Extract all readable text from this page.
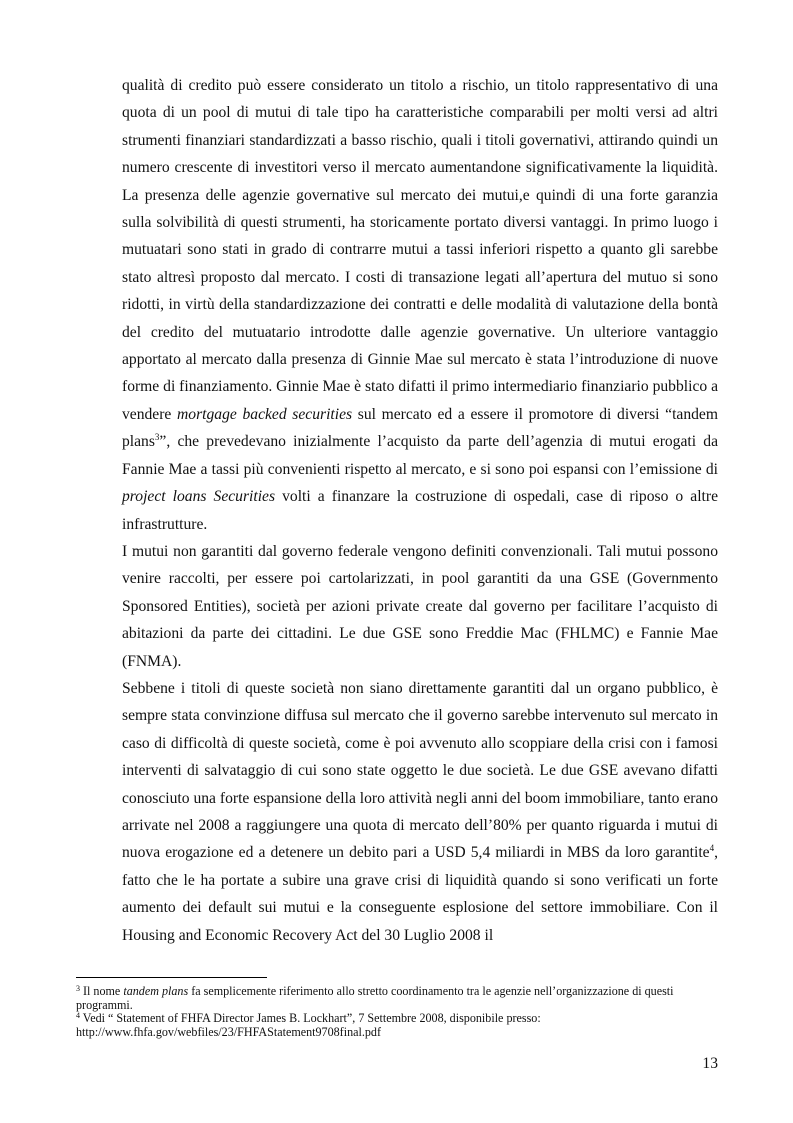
qualità di credito può essere considerato un titolo a rischio, un titolo rappresentativo di una quota di un pool di mutui di tale tipo ha caratteristiche comparabili per molti versi ad altri strumenti finanziari standardizzati a basso rischio, quali i titoli governativi, attirando quindi un numero crescente di investitori verso il mercato aumentandone significativamente la liquidità. La presenza delle agenzie governative sul mercato dei mutui,e quindi di una forte garanzia sulla solvibilità di questi strumenti, ha storicamente portato diversi vantaggi. In primo luogo i mutuatari sono stati in grado di contrarre mutui a tassi inferiori rispetto a quanto gli sarebbe stato altresì proposto dal mercato. I costi di transazione legati all’apertura del mutuo si sono ridotti, in virtù della standardizzazione dei contratti e delle modalità di valutazione della bontà del credito del mutuatario introdotte dalle agenzie governative. Un ulteriore vantaggio apportato al mercato dalla presenza di Ginnie Mae sul mercato è stata l’introduzione di nuove forme di finanziamento. Ginnie Mae è stato difatti il primo intermediario finanziario pubblico a vendere mortgage backed securities sul mercato ed a essere il promotore di diversi “tandem plans$^3$”, che prevedevano inizialmente l’acquisto da parte dell’agenzia di mutui erogati da Fannie Mae a tassi più convenienti rispetto al mercato, e si sono poi espansi con l’emissione di project loans Securities volti a finanzare la costruzione di ospedali, case di riposo o altre infrastrutture.

I mutui non garantiti dal governo federale vengono definiti convenzionali. Tali mutui possono venire raccolti, per essere poi cartolarizzati, in pool garantiti da una GSE (Governmento Sponsored Entities), società per azioni private create dal governo per facilitare l’acquisto di abitazioni da parte dei cittadini. Le due GSE sono Freddie Mac (FHLMC) e Fannie Mae (FNMA).

Sebbene i titoli di queste società non siano direttamente garantiti dal un organo pubblico, è sempre stata convinzione diffusa sul mercato che il governo sarebbe intervenuto sul mercato in caso di difficoltà di queste società, come è poi avvenuto allo scoppiare della crisi con i famosi interventi di salvataggio di cui sono state oggetto le due società. Le due GSE avevano difatti conosciuto una forte espansione della loro attività negli anni del boom immobiliare, tanto erano arrivate nel 2008 a raggiungere una quota di mercato dell’80% per quanto riguarda i mutui di nuova erogazione ed a detenere un debito pari a USD 5,4 miliardi in MBS da loro garantite$^4$, fatto che le ha portate a subire una grave crisi di liquidità quando si sono verificati un forte aumento dei default sui mutui e la conseguente esplosione del settore immobiliare. Con il Housing and Economic Recovery Act del 30 Luglio 2008 il

$^3$ Il nome tandem plans fa semplicemente riferimento allo stretto coordinamento tra le agenzie nell’organizzazione di questi programmi.

$^4$ Vedi “ Statement of FHFA Director James B. Lockhart”, 7 Settembre 2008, disponibile presso:
http://www.fhfa.gov/webfiles/23/FHFAStatement9708final.pdf

13
